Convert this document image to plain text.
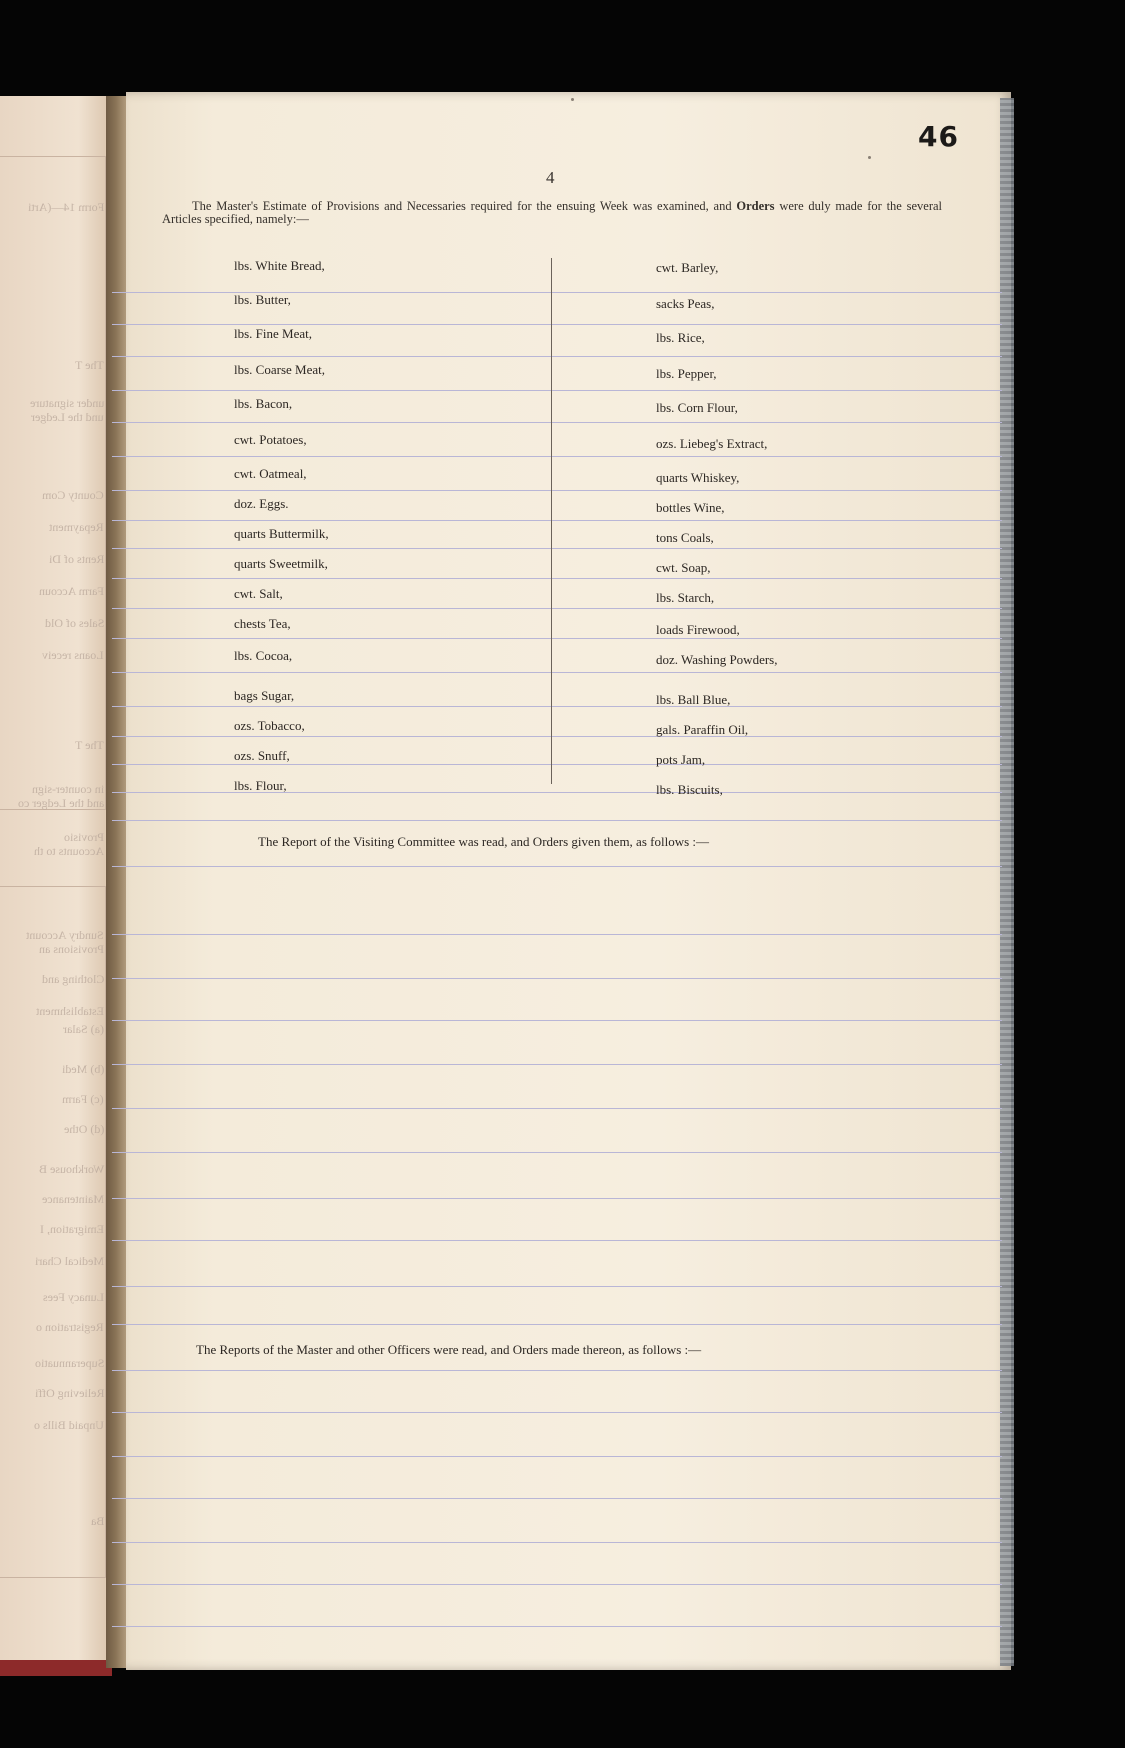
Form 14—(Arti
The T
under signature
und the Ledger
County Com
Repayment
Rents of Di
Farm Accoun
Sales of Old
Loans receiv
The T
in counter-sign
and the Ledger co
Provisio
Accounts to th
Sundry Account
Provisions an
Clothing and
Establishment
(a) Salar
(b) Medi
(c) Farm
(d) Othe
Workhouse B
Maintenance
Emigration, I
Medical Chari
Lunacy Fees
Registration o
Superannuatio
Relieving Offi
Unpaid Bills o
Ba
46
4
The Master's Estimate of Provisions and Necessaries required for the ensuing Week was examined, and Orders were duly made for the several Articles specified, namely:—
lbs. White Bread,
lbs. Butter,
lbs. Fine Meat,
lbs. Coarse Meat,
lbs. Bacon,
cwt. Potatoes,
cwt. Oatmeal,
doz. Eggs.
quarts Buttermilk,
quarts Sweetmilk,
cwt. Salt,
chests Tea,
lbs. Cocoa,
bags Sugar,
ozs. Tobacco,
ozs. Snuff,
lbs. Flour,
cwt. Barley,
sacks Peas,
lbs. Rice,
lbs. Pepper,
lbs. Corn Flour,
ozs. Liebeg's Extract,
quarts Whiskey,
bottles Wine,
tons Coals,
cwt. Soap,
lbs. Starch,
loads Firewood,
doz. Washing Powders,
lbs. Ball Blue,
gals. Paraffin Oil,
pots Jam,
lbs. Biscuits,
The Report of the Visiting Committee was read, and Orders given them, as follows :—
The Reports of the Master and other Officers were read, and Orders made thereon, as follows :—
